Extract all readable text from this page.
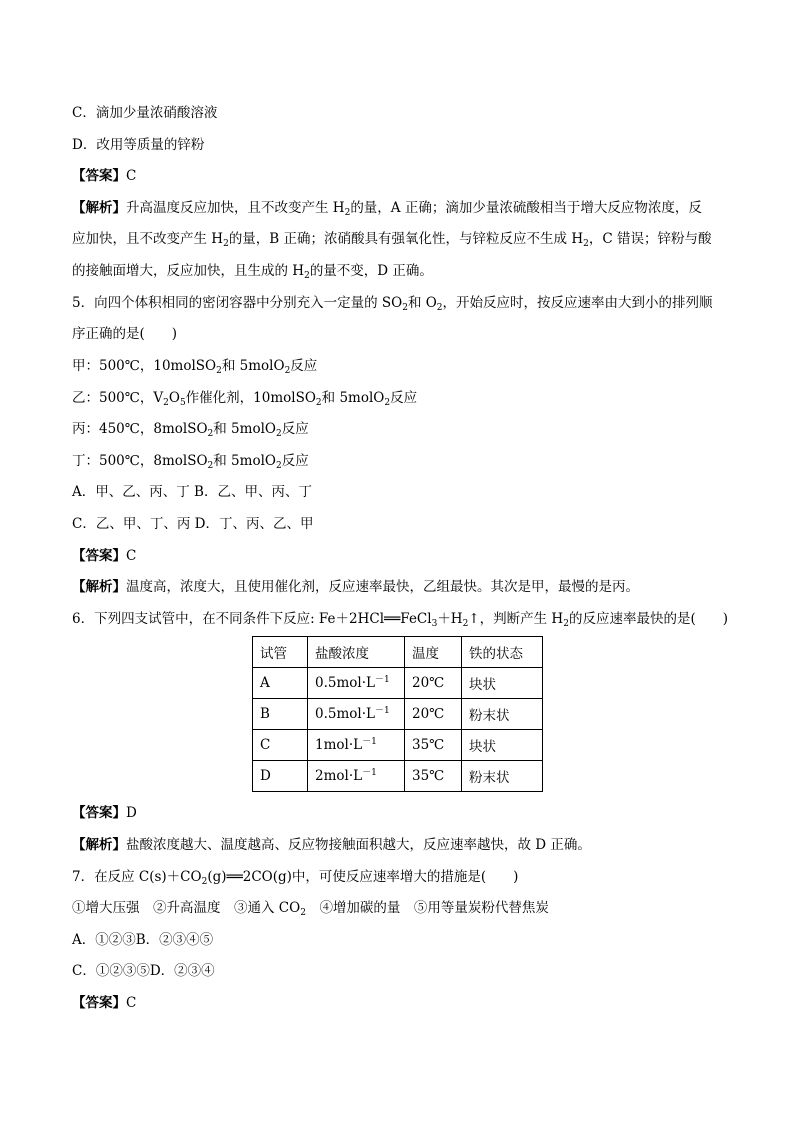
C．滴加少量浓硝酸溶液
D．改用等质量的锌粉
【答案】C
【解析】升高温度反应加快，且不改变产生 $H_2$的量，A 正确；滴加少量浓硫酸相当于增大反应物浓度，反
应加快，且不改变产生 $H_2$的量，B 正确；浓硝酸具有强氧化性，与锌粒反应不生成 $H_2$，C 错误；锌粉与酸
的接触面增大，反应加快，且生成的 $H_2$的量不变，D 正确。
5．向四个体积相同的密闭容器中分别充入一定量的 $SO_2$和 $O_2$，开始反应时，按反应速率由大到小的排列顺
序正确的是(　　)
甲：500℃，10molSO$_2$和 5molO$_2$反应
乙：500℃，$V_2O_5$作催化剂，10molSO$_2$和 5molO$_2$反应
丙：450℃，8molSO$_2$和 5molO$_2$反应
丁：500℃，8molSO$_2$和 5molO$_2$反应
A．甲、乙、丙、丁 B．乙、甲、丙、丁
C．乙、甲、丁、丙 D．丁、丙、乙、甲
【答案】C
【解析】温度高，浓度大，且使用催化剂，反应速率最快，乙组最快。其次是甲，最慢的是丙。
6．下列四支试管中，在不同条件下反应: $Fe+2HCl══FeCl_3+H_2↑$，判断产生 $H_2$的反应速率最快的是(　　)
试管	盐酸浓度	温度	铁的状态
A	$0.5mol\cdot L^{-1}$	20℃	块状
B	$0.5mol\cdot L^{-1}$	20℃	粉末状
C	$1mol\cdot L^{-1}$	35℃	块状
D	$2mol\cdot L^{-1}$	35℃	粉末状
【答案】D
【解析】盐酸浓度越大、温度越高、反应物接触面积越大，反应速率越快，故 D 正确。
7．在反应 $C(s)+CO_2(g)══2CO(g)$中，可使反应速率增大的措施是(　　)
①增大压强　②升高温度　③通入 $CO_2$　 ④增加碳的量　⑤用等量炭粉代替焦炭
A．①②③B．②③④⑤
C．①②③⑤D．②③④
【答案】C
